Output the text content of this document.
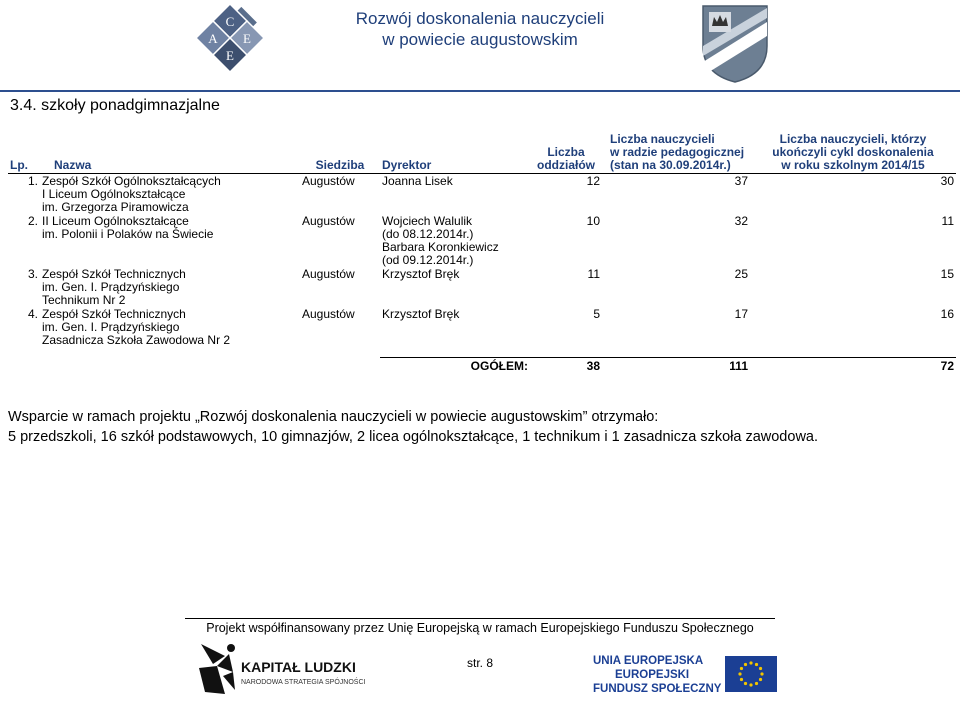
C
A E
E
Rozwój doskonalenia nauczycieli
w powiecie augustowskim
3.4. szkoły ponadgimnazjalne
Lp.	Nazwa	Siedziba	Dyrektor	Liczba
oddziałów	Liczba nauczycieli
w radzie pedagogicznej
(stan na 30.09.2014r.)	Liczba nauczycieli, którzy
ukończyli cykl doskonalenia
w roku szkolnym 2014/15

1.	Zespół Szkół Ogólnokształcących
I Liceum Ogólnokształcące
im. Grzegorza Piramowicza	Augustów	Joanna Lisek	12	37	30
2.	II Liceum Ogólnokształcące
im. Polonii i Polaków na Świecie	Augustów	Wojciech Walulik
(do 08.12.2014r.)
Barbara Koronkiewicz
(od 09.12.2014r.)	10	32	11
3.	Zespół Szkół Technicznych
im. Gen. I. Prądzyńskiego
Technikum Nr 2	Augustów	Krzysztof Bręk	11	25	15
4.	Zespół Szkół Technicznych
im. Gen. I. Prądzyńskiego
Zasadnicza Szkoła Zawodowa Nr 2	Augustów	Krzysztof Bręk	5	17	16

			OGÓŁEM:	38	111	72
Wsparcie w ramach projektu „Rozwój doskonalenia nauczycieli w powiecie augustowskim” otrzymało:
5 przedszkoli, 16 szkół podstawowych, 10 gimnazjów, 2 licea ogólnokształcące, 1 technikum i 1 zasadnicza szkoła zawodowa.
Projekt współfinansowany przez Unię Europejską w ramach Europejskiego Funduszu Społecznego
KAPITAŁ LUDZKI
NARODOWA STRATEGIA SPÓJNOŚCI
str. 8	UNIA EUROPEJSKA
EUROPEJSKI
FUNDUSZ SPOŁECZNY
